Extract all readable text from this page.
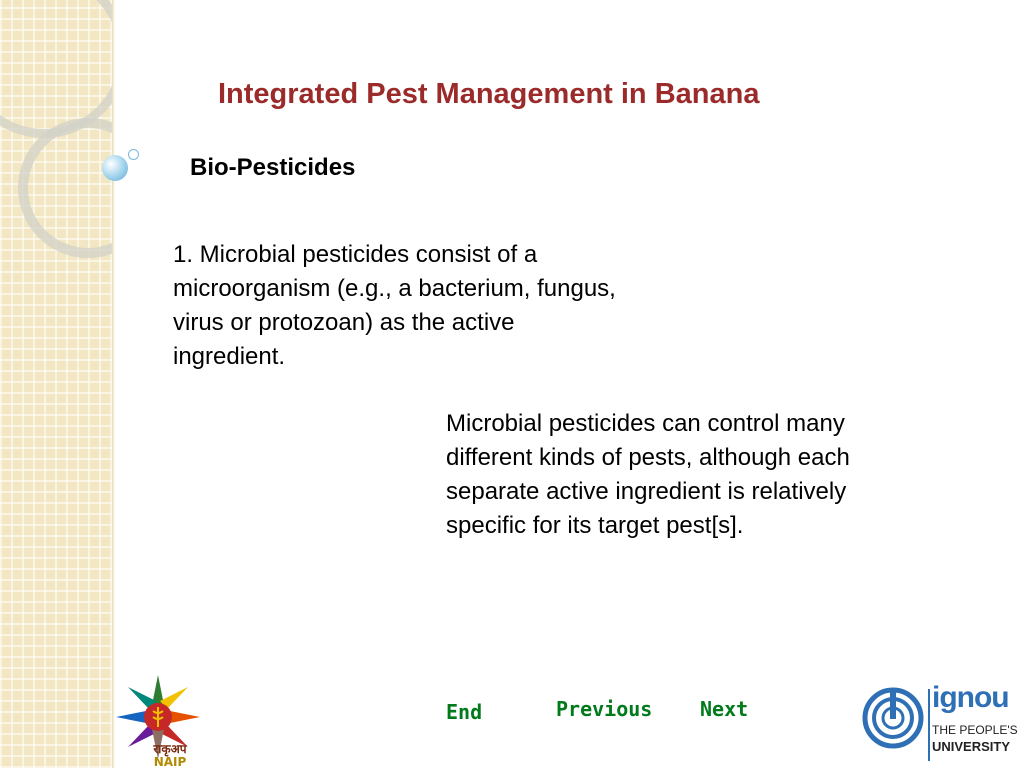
Integrated Pest Management in Banana
Bio-Pesticides
1. Microbial pesticides consist of a microorganism (e.g., a bacterium, fungus, virus or protozoan) as the active ingredient.
Microbial pesticides can control many different kinds of pests, although each separate active ingredient is relatively specific for its target pest[s].
End	Previous Next
राकृअप
NAIP
ignou
THE PEOPLE'S
UNIVERSITY
